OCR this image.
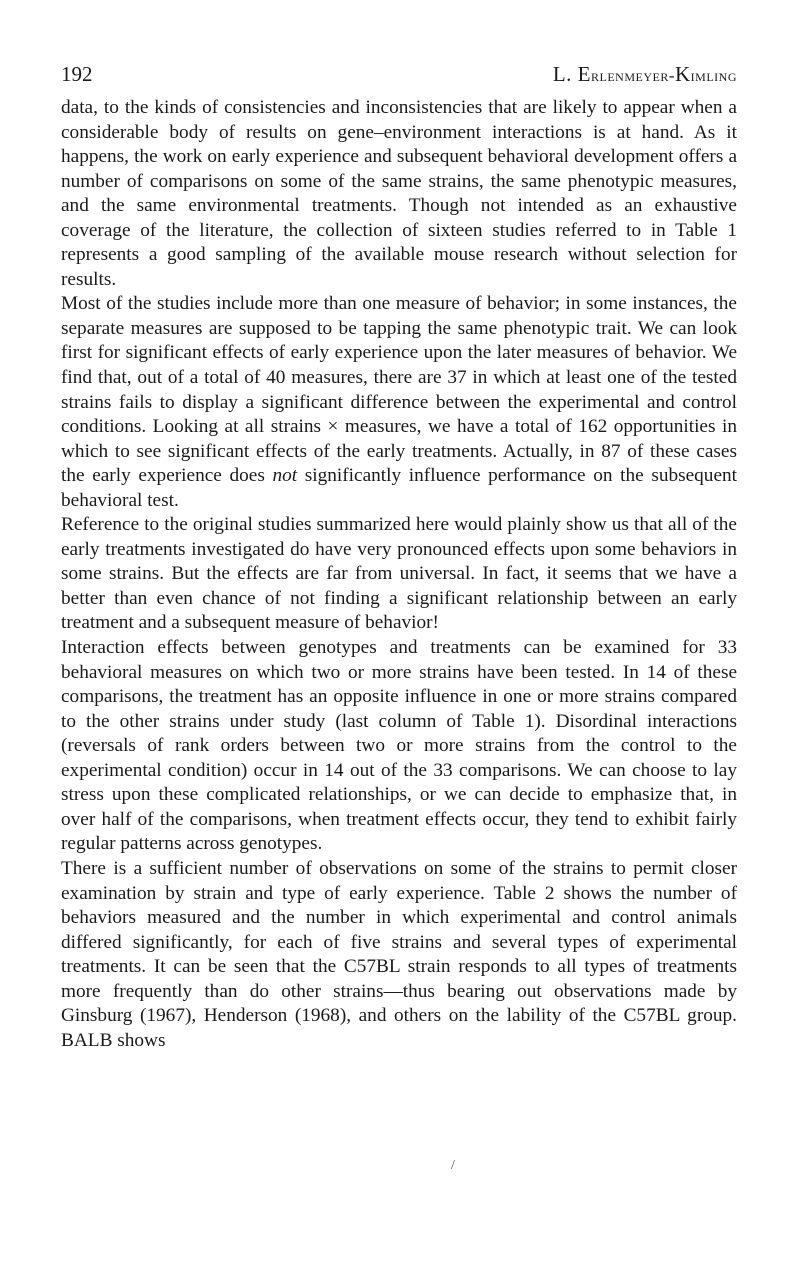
192	L. Erlenmeyer-Kimling

data, to the kinds of consistencies and inconsistencies that are likely to appear when a considerable body of results on gene–environment interactions is at hand. As it happens, the work on early experience and subsequent behavioral development offers a number of comparisons on some of the same strains, the same phenotypic measures, and the same environmental treatments. Though not intended as an exhaustive coverage of the literature, the collection of sixteen studies referred to in Table 1 represents a good sampling of the available mouse research without selection for results.

Most of the studies include more than one measure of behavior; in some instances, the separate measures are supposed to be tapping the same phenotypic trait. We can look first for significant effects of early experience upon the later measures of behavior. We find that, out of a total of 40 measures, there are 37 in which at least one of the tested strains fails to display a significant difference between the experimental and control conditions. Looking at all strains × measures, we have a total of 162 opportunities in which to see significant effects of the early treatments. Actually, in 87 of these cases the early experience does not significantly influence performance on the subsequent behavioral test.

Reference to the original studies summarized here would plainly show us that all of the early treatments investigated do have very pronounced effects upon some behaviors in some strains. But the effects are far from universal. In fact, it seems that we have a better than even chance of not finding a significant relationship between an early treatment and a subsequent measure of behavior!

Interaction effects between genotypes and treatments can be examined for 33 behavioral measures on which two or more strains have been tested. In 14 of these comparisons, the treatment has an opposite influence in one or more strains compared to the other strains under study (last column of Table 1). Disordinal interactions (reversals of rank orders between two or more strains from the control to the experimental condition) occur in 14 out of the 33 comparisons. We can choose to lay stress upon these complicated relationships, or we can decide to emphasize that, in over half of the comparisons, when treatment effects occur, they tend to exhibit fairly regular patterns across genotypes.

There is a sufficient number of observations on some of the strains to permit closer examination by strain and type of early experience. Table 2 shows the number of behaviors measured and the number in which experimental and control animals differed significantly, for each of five strains and several types of experimental treatments. It can be seen that the C57BL strain responds to all types of treatments more frequently than do other strains—thus bearing out observations made by Ginsburg (1967), Henderson (1968), and others on the lability of the C57BL group. BALB shows

/
